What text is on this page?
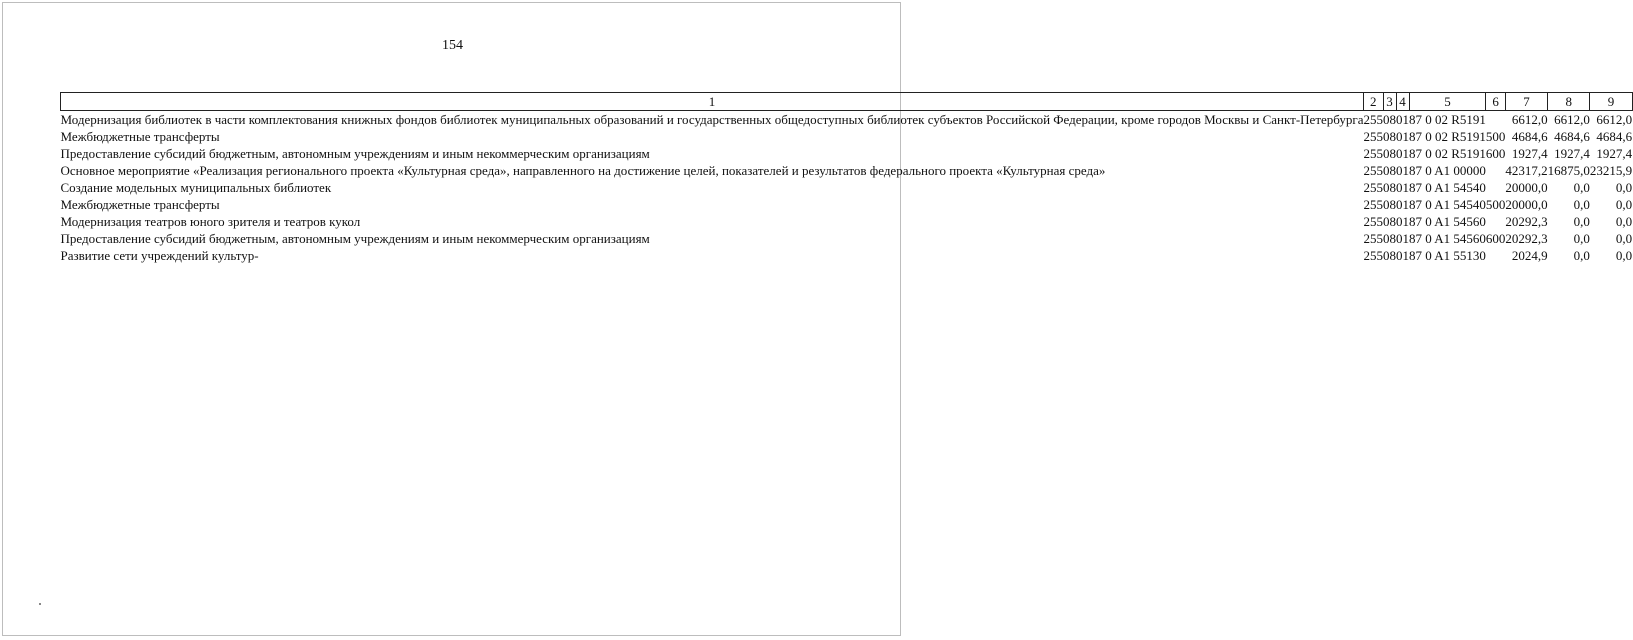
154
1	2	3	4	5	6	7	8	9
Модернизация библиотек в части комплектования книжных фондов библиотек муниципальных образований и государственных общедоступных библиотек субъектов Российской Федерации, кроме городов Москвы и Санкт-Петербурга	255	08	01	87 0 02 R5191		6612,0	6612,0	6612,0
Межбюджетные трансферты	255	08	01	87 0 02 R5191	500	4684,6	4684,6	4684,6
Предоставление субсидий бюджетным, автономным учреждениям и иным некоммерческим организациям	255	08	01	87 0 02 R5191	600	1927,4	1927,4	1927,4
Основное мероприятие «Реализация регионального проекта «Культурная среда», направленного на достижение целей, показателей и результатов федерального проекта «Культурная среда»	255	08	01	87 0 A1 00000		42317,2	16875,0	23215,9
Создание модельных муниципальных библиотек	255	08	01	87 0 A1 54540		20000,0	0,0	0,0
Межбюджетные трансферты	255	08	01	87 0 A1 54540	500	20000,0	0,0	0,0
Модернизация театров юного зрителя и театров кукол	255	08	01	87 0 A1 54560		20292,3	0,0	0,0
Предоставление субсидий бюджетным, автономным учреждениям и иным некоммерческим организациям	255	08	01	87 0 A1 54560	600	20292,3	0,0	0,0
Развитие сети учреждений культур-	255	08	01	87 0 A1 55130		2024,9	0,0	0,0
